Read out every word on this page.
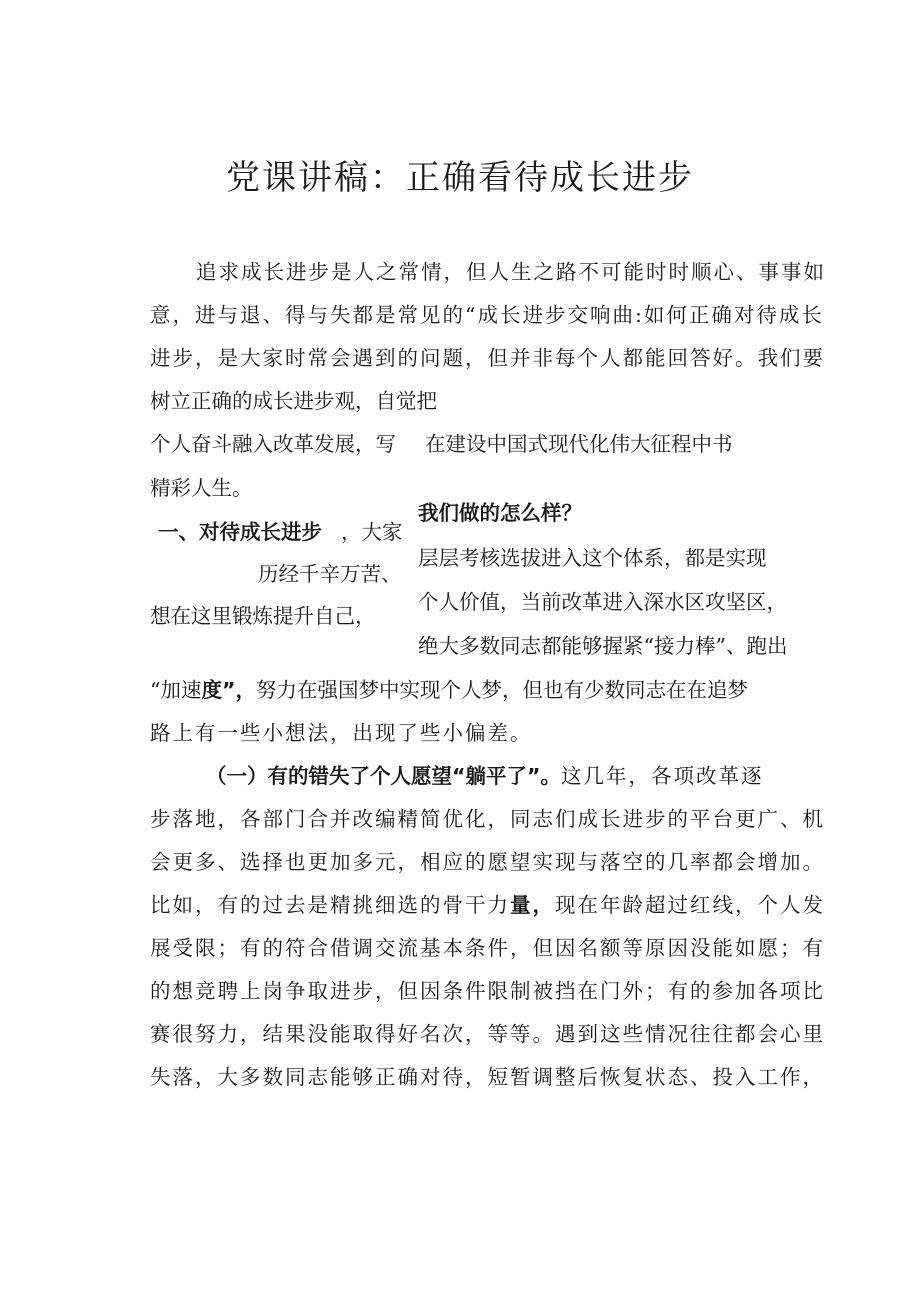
党课讲稿：正确看待成长进步
追求成长进步是人之常情，但人生之路不可能时时顺心、事事如
意，进与退、得与失都是常见的“成长进步交响曲:如何正确对待成长
进步，是大家时常会遇到的问题，但并非每个人都能回答好。我们要
树立正确的成长进步观，自觉把
个人奋斗融入改革发展，写 在建设中国式现代化伟大征程中书
精彩人生。
我们做的怎么样？
一、对待成长进步 ，大家
层层考核选拔进入这个体系，都是实现
历经千辛万苦、
个人价值，当前改革进入深水区攻坚区，
想在这里锻炼提升自己，
绝大多数同志都能够握紧“接力棒”、跑出
“加速度”，努力在强国梦中实现个人梦，但也有少数同志在在追梦
路上有一些小想法，出现了些小偏差。
（一）有的错失了个人愿望“躺平了”。这几年，各项改革逐
步落地，各部门合并改编精简优化，同志们成长进步的平台更广、机
会更多、选择也更加多元，相应的愿望实现与落空的几率都会增加。
比如，有的过去是精挑细选的骨干力量，现在年龄超过红线，个人发
展受限；有的符合借调交流基本条件，但因名额等原因没能如愿；有
的想竞聘上岗争取进步，但因条件限制被挡在门外；有的参加各项比
赛很努力，结果没能取得好名次，等等。遇到这些情况往往都会心里
失落，大多数同志能够正确对待，短暂调整后恢复状态、投入工作，
